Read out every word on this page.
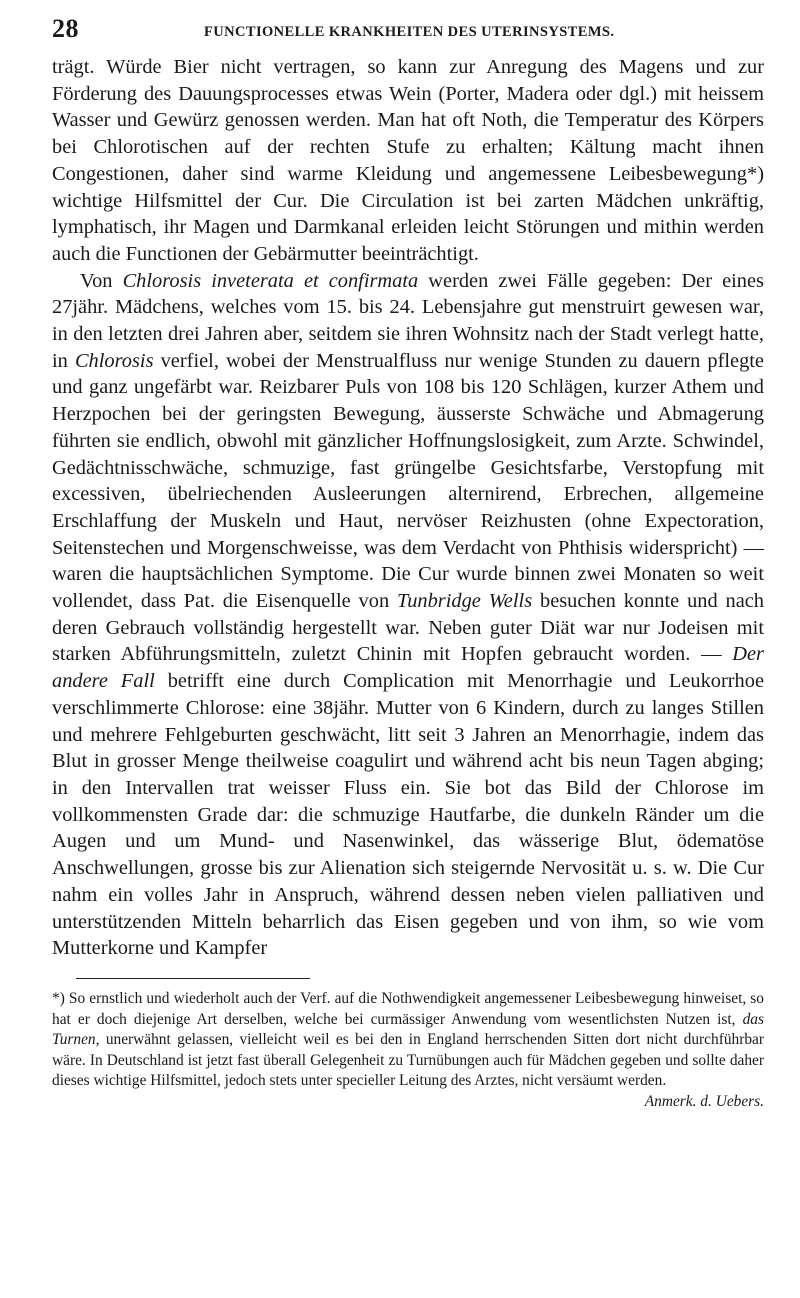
28	FUNCTIONELLE KRANKHEITEN DES UTERINSYSTEMS.

trägt. Würde Bier nicht vertragen, so kann zur Anregung des Magens und zur Förderung des Dauungsprocesses etwas Wein (Porter, Madera oder dgl.) mit heissem Wasser und Gewürz genossen werden. Man hat oft Noth, die Temperatur des Körpers bei Chlorotischen auf der rechten Stufe zu erhalten; Kältung macht ihnen Congestionen, daher sind warme Kleidung und angemessene Leibesbewegung*) wichtige Hilfsmittel der Cur. Die Circulation ist bei zarten Mädchen unkräftig, lymphatisch, ihr Magen und Darmkanal erleiden leicht Störungen und mithin werden auch die Functionen der Gebärmutter beeinträchtigt.

Von Chlorosis inveterata et confirmata werden zwei Fälle gegeben: Der eines 27jähr. Mädchens, welches vom 15. bis 24. Lebensjahre gut menstruirt gewesen war, in den letzten drei Jahren aber, seitdem sie ihren Wohnsitz nach der Stadt verlegt hatte, in Chlorosis verfiel, wobei der Menstrualfluss nur wenige Stunden zu dauern pflegte und ganz ungefärbt war. Reizbarer Puls von 108 bis 120 Schlägen, kurzer Athem und Herzpochen bei der geringsten Bewegung, äusserste Schwäche und Abmagerung führten sie endlich, obwohl mit gänzlicher Hoffnungslosigkeit, zum Arzte. Schwindel, Gedächtnisschwäche, schmuzige, fast grüngelbe Gesichtsfarbe, Verstopfung mit excessiven, übelriechenden Ausleerungen alternirend, Erbrechen, allgemeine Erschlaffung der Muskeln und Haut, nervöser Reizhusten (ohne Expectoration, Seitenstechen und Morgenschweisse, was dem Verdacht von Phthisis widerspricht) — waren die hauptsächlichen Symptome. Die Cur wurde binnen zwei Monaten so weit vollendet, dass Pat. die Eisenquelle von Tunbridge Wells besuchen konnte und nach deren Gebrauch vollständig hergestellt war. Neben guter Diät war nur Jodeisen mit starken Abführungsmitteln, zuletzt Chinin mit Hopfen gebraucht worden. — Der andere Fall betrifft eine durch Complication mit Menorrhagie und Leukorrhoe verschlimmerte Chlorose: eine 38jähr. Mutter von 6 Kindern, durch zu langes Stillen und mehrere Fehlgeburten geschwächt, litt seit 3 Jahren an Menorrhagie, indem das Blut in grosser Menge theilweise coagulirt und während acht bis neun Tagen abging; in den Intervallen trat weisser Fluss ein. Sie bot das Bild der Chlorose im vollkommensten Grade dar: die schmuzige Hautfarbe, die dunkeln Ränder um die Augen und um Mund- und Nasenwinkel, das wässerige Blut, ödematöse Anschwellungen, grosse bis zur Alienation sich steigernde Nervosität u. s. w. Die Cur nahm ein volles Jahr in Anspruch, während dessen neben vielen palliativen und unterstützenden Mitteln beharrlich das Eisen gegeben und von ihm, so wie vom Mutterkorne und Kampfer

*) So ernstlich und wiederholt auch der Verf. auf die Nothwendigkeit angemessener Leibesbewegung hinweiset, so hat er doch diejenige Art derselben, welche bei curmässiger Anwendung vom wesentlichsten Nutzen ist, das Turnen, unerwähnt gelassen, vielleicht weil es bei den in England herrschenden Sitten dort nicht durchführbar wäre. In Deutschland ist jetzt fast überall Gelegenheit zu Turnübungen auch für Mädchen gegeben und sollte daher dieses wichtige Hilfsmittel, jedoch stets unter specieller Leitung des Arztes, nicht versäumt werden.
Anmerk. d. Uebers.
